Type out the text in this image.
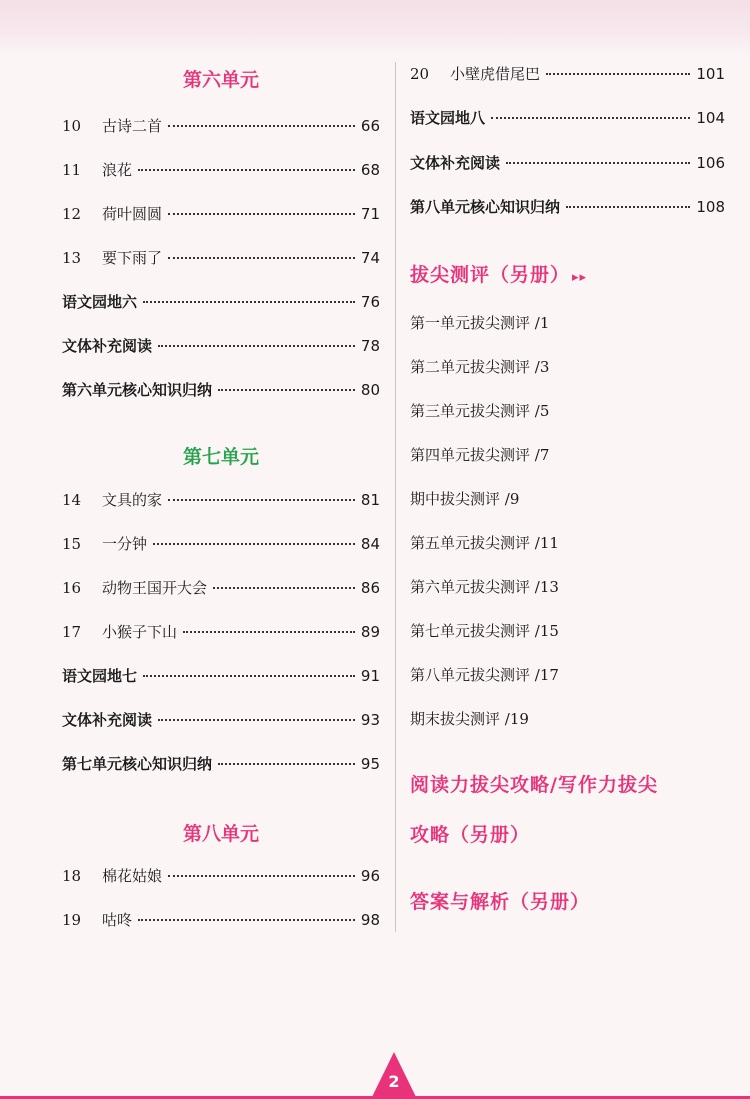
第六单元
10	古诗二首	66
11	浪花	68
12	荷叶圆圆	71
13	要下雨了	74
语文园地六	76
文体补充阅读	78
第六单元核心知识归纳	80
第七单元
14	文具的家	81
15	一分钟	84
16	动物王国开大会	86
17	小猴子下山	89
语文园地七	91
文体补充阅读	93
第七单元核心知识归纳	95
第八单元
18	棉花姑娘	96
19	咕咚	98
20	小壁虎借尾巴	101
语文园地八	104
文体补充阅读	106
第八单元核心知识归纳	108
拔尖测评（另册） ▸▸
第一单元拔尖测评 /1
第二单元拔尖测评 /3
第三单元拔尖测评 /5
第四单元拔尖测评 /7
期中拔尖测评 /9
第五单元拔尖测评 /11
第六单元拔尖测评 /13
第七单元拔尖测评 /15
第八单元拔尖测评 /17
期末拔尖测评 /19
阅读力拔尖攻略/写作力拔尖
攻略（另册）
答案与解析（另册）
2
